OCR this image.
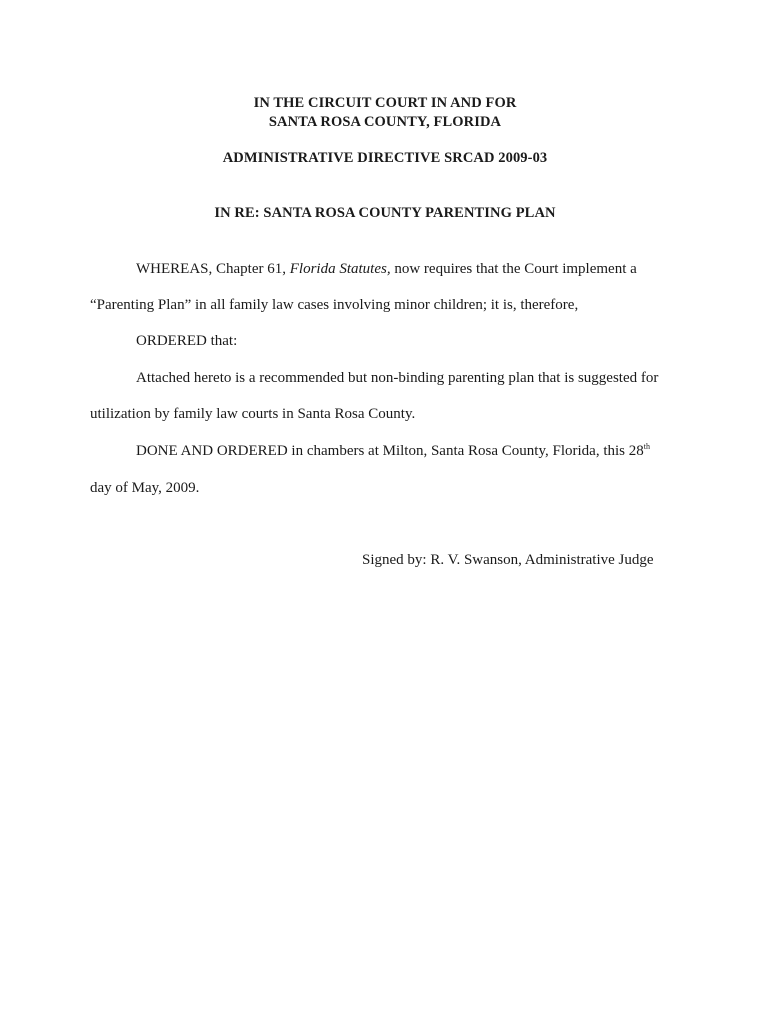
IN THE CIRCUIT COURT IN AND FOR
SANTA ROSA COUNTY, FLORIDA
ADMINISTRATIVE DIRECTIVE SRCAD 2009-03
IN RE: SANTA ROSA COUNTY PARENTING PLAN
WHEREAS, Chapter 61, Florida Statutes, now requires that the Court implement a
“Parenting Plan” in all family law cases involving minor children; it is, therefore,
ORDERED that:
Attached hereto is a recommended but non-binding parenting plan that is suggested for
utilization by family law courts in Santa Rosa County.
DONE AND ORDERED in chambers at Milton, Santa Rosa County, Florida, this 28th
day of May, 2009.
Signed by: R. V. Swanson, Administrative Judge
